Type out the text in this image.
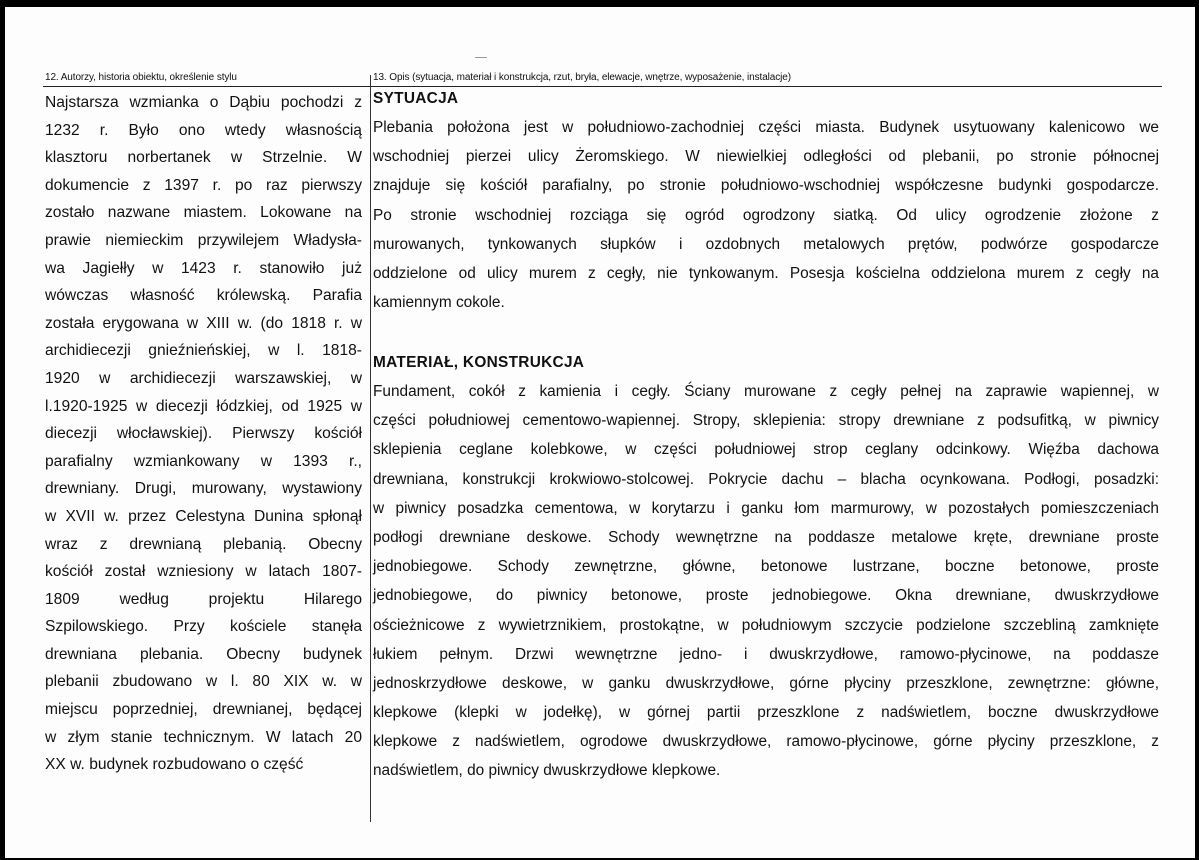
12. Autorzy, historia obiektu, określenie stylu	13. Opis (sytuacja, materiał i konstrukcja, rzut, bryła, elewacje, wnętrze, wyposażenie, instalacje)
Najstarsza wzmianka o Dąbiu pochodzi z
1232 r. Było ono wtedy własnością
klasztoru norbertanek w Strzelnie. W
dokumencie z 1397 r. po raz pierwszy
zostało nazwane miastem. Lokowane na
prawie niemieckim przywilejem Władysła-
wa Jagiełły w 1423 r. stanowiło już
wówczas własność królewską. Parafia
została erygowana w XIII w. (do 1818 r. w
archidiecezji gnieźnieńskiej, w l. 1818-
1920 w archidiecezji warszawskiej, w
l.1920-1925 w diecezji łódzkiej, od 1925 w
diecezji włocławskiej). Pierwszy kościół
parafialny wzmiankowany w 1393 r.,
drewniany. Drugi, murowany, wystawiony
w XVII w. przez Celestyna Dunina spłonął
wraz z drewnianą plebanią. Obecny
kościół został wzniesiony w latach 1807-
1809 według projektu Hilarego
Szpilowskiego. Przy kościele stanęła
drewniana plebania. Obecny budynek
plebanii zbudowano w l. 80 XIX w. w
miejscu poprzedniej, drewnianej, będącej
w złym stanie technicznym. W latach 20
XX w. budynek rozbudowano o część
SYTUACJA
Plebania położona jest w południowo-zachodniej części miasta. Budynek usytuowany kalenicowo we
wschodniej pierzei ulicy Żeromskiego. W niewielkiej odległości od plebanii, po stronie północnej
znajduje się kościół parafialny, po stronie południowo-wschodniej współczesne budynki gospodarcze.
Po stronie wschodniej rozciąga się ogród ogrodzony siatką. Od ulicy ogrodzenie złożone z
murowanych, tynkowanych słupków i ozdobnych metalowych prętów, podwórze gospodarcze
oddzielone od ulicy murem z cegły, nie tynkowanym. Posesja kościelna oddzielona murem z cegły na
kamiennym cokole.
MATERIAŁ, KONSTRUKCJA
Fundament, cokół z kamienia i cegły. Ściany murowane z cegły pełnej na zaprawie wapiennej, w
części południowej cementowo-wapiennej. Stropy, sklepienia: stropy drewniane z podsufitką, w piwnicy
sklepienia ceglane kolebkowe, w części południowej strop ceglany odcinkowy. Więźba dachowa
drewniana, konstrukcji krokwiowo-stolcowej. Pokrycie dachu – blacha ocynkowana. Podłogi, posadzki:
w piwnicy posadzka cementowa, w korytarzu i ganku łom marmurowy, w pozostałych pomieszczeniach
podłogi drewniane deskowe. Schody wewnętrzne na poddasze metalowe kręte, drewniane proste
jednobiegowe. Schody zewnętrzne, główne, betonowe lustrzane, boczne betonowe, proste
jednobiegowe, do piwnicy betonowe, proste jednobiegowe. Okna drewniane, dwuskrzydłowe
ościeżnicowe z wywietrznikiem, prostokątne, w południowym szczycie podzielone szczebliną zamknięte
łukiem pełnym. Drzwi wewnętrzne jedno- i dwuskrzydłowe, ramowo-płycinowe, na poddasze
jednoskrzydłowe deskowe, w ganku dwuskrzydłowe, górne płyciny przeszklone, zewnętrzne: główne,
klepkowe (klepki w jodełkę), w górnej partii przeszklone z nadświetlem, boczne dwuskrzydłowe
klepkowe z nadświetlem, ogrodowe dwuskrzydłowe, ramowo-płycinowe, górne płyciny przeszklone, z
nadświetlem, do piwnicy dwuskrzydłowe klepkowe.
